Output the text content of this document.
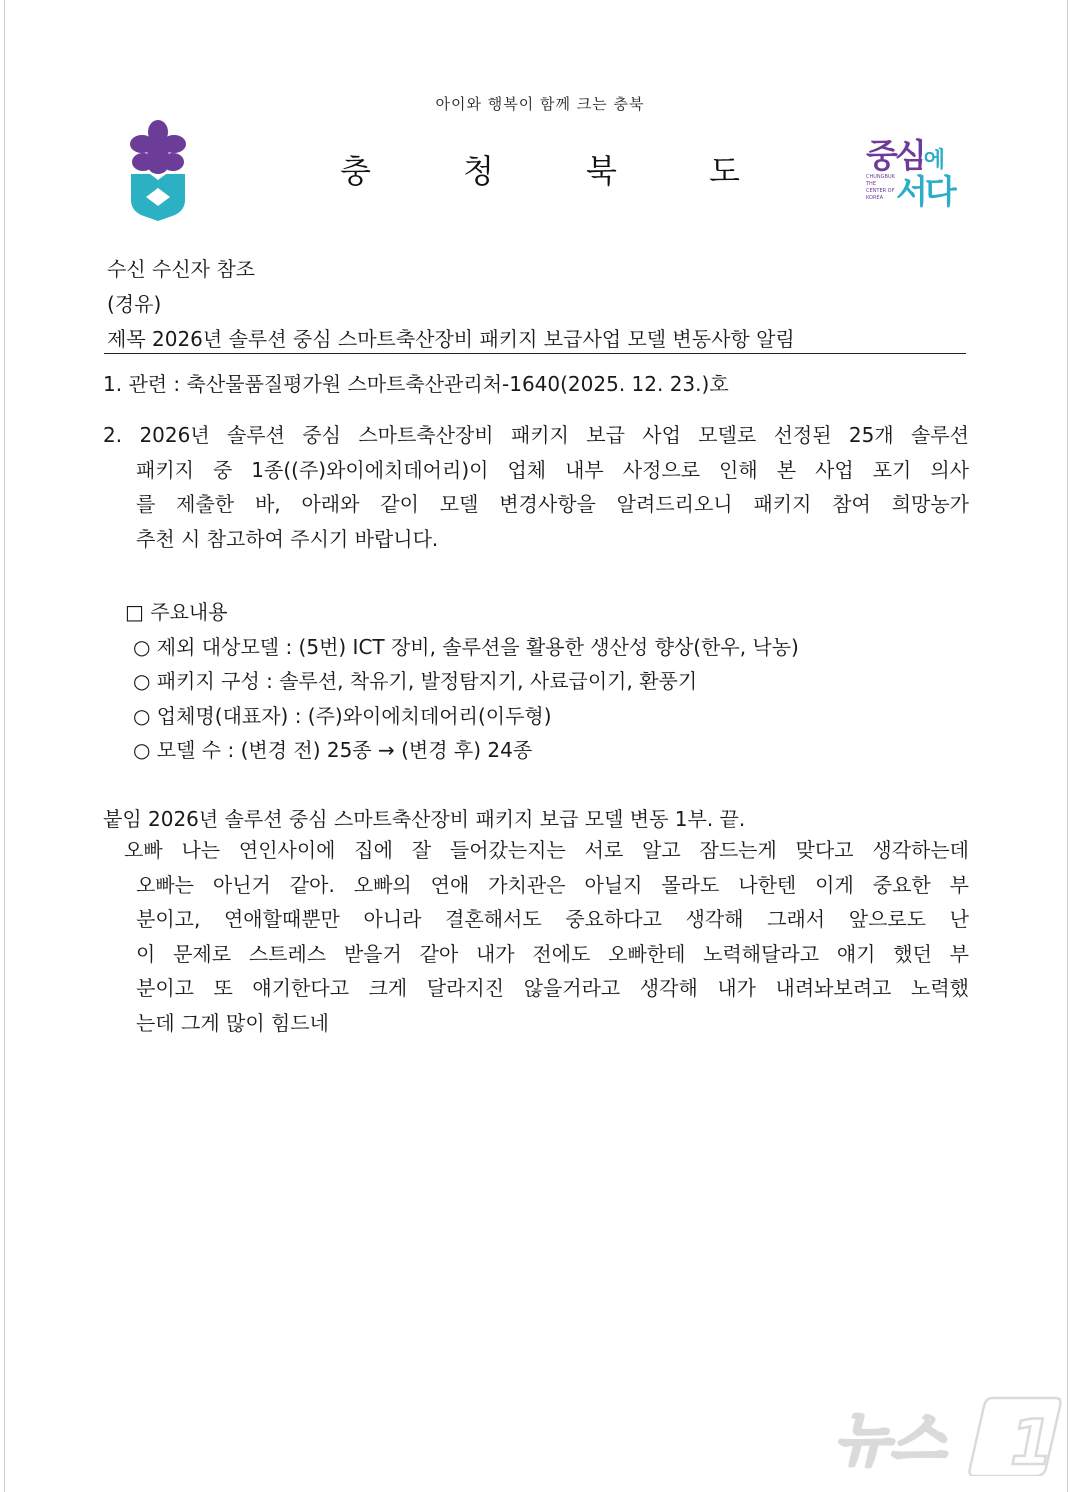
아이와 행복이 함께 크는 충북
충	청	북	도	중심에
CHUNGBUK THE CENTER OF KOREA 서다
수신 수신자 참조
(경유)
제목 2026년 솔루션 중심 스마트축산장비 패키지 보급사업 모델 변동사항 알림
1. 관련 : 축산물품질평가원 스마트축산관리처-1640(2025. 12. 23.)호
2. 2026년 솔루션 중심 스마트축산장비 패키지 보급 사업 모델로 선정된 25개 솔루션
패키지 중 1종((주)와이에치데어리)이 업체 내부 사정으로 인해 본 사업 포기 의사
를 제출한 바, 아래와 같이 모델 변경사항을 알려드리오니 패키지 참여 희망농가
추천 시 참고하여 주시기 바랍니다.
□ 주요내용
○ 제외 대상모델 : (5번) ICT 장비, 솔루션을 활용한 생산성 향상(한우, 낙농)
○ 패키지 구성 : 솔루션, 착유기, 발정탐지기, 사료급이기, 환풍기
○ 업체명(대표자) : (주)와이에치데어리(이두형)
○ 모델 수 : (변경 전) 25종 → (변경 후) 24종
붙임 2026년 솔루션 중심 스마트축산장비 패키지 보급 모델 변동 1부. 끝.
오빠 나는 연인사이에 집에 잘 들어갔는지는 서로 알고 잠드는게 맞다고 생각하는데
오빠는 아닌거 같아. 오빠의 연애 가치관은 아닐지 몰라도 나한텐 이게 중요한 부
분이고, 연애할때뿐만 아니라 결혼해서도 중요하다고 생각해 그래서 앞으로도 난
이 문제로 스트레스 받을거 같아 내가 전에도 오빠한테 노력해달라고 얘기 했던 부
분이고 또 얘기한다고 크게 달라지진 않을거라고 생각해 내가 내려놔보려고 노력했
는데 그게 많이 힘드네
뉴스 1
